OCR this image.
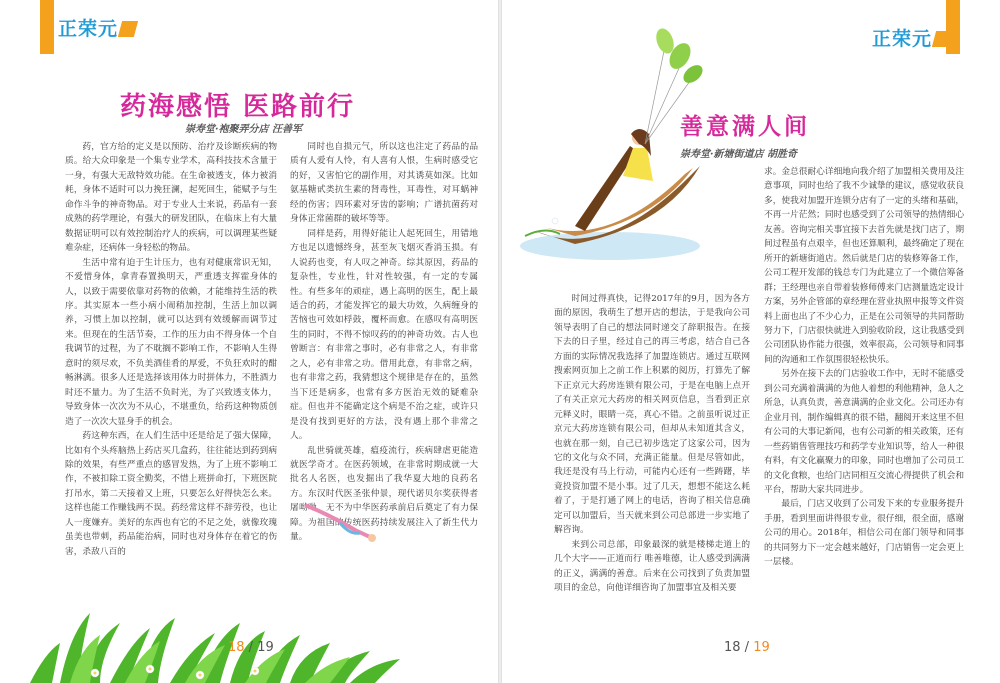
正荣元
药海感悟 医路前行
崇寿堂·袍聚弄分店 汪善军

药，官方给的定义是以预防、治疗及诊断疾病的物质。给大众印象是一个集专业学术，高科技技术含量于一身，有强大无敌特效功能。在生命被透支，体力被消耗，身体不适时可以力挽狂澜，起死回生，能赋予与生命作斗争的神奇物品。对于专业人士来说，药品有一套成熟的药学理论，有强大的研发团队，在临床上有大量数据证明可以有效控制治疗人的疾病，可以调理某些疑难杂症，还病体一身轻松的物品。

生活中常有迫于生计压力，也有对健康常识无知，不爱惜身体，拿青春置换明天，严重透支挥霍身体的人，以致于需要依靠对药物的依赖，才能维持生活的秩序。其实原本一些小病小闹稍加控制，生活上加以调养，习惯上加以控制，就可以达到有效缓解而调节过来。但现在的生活节奏，工作的压力由不得身体一个自我调节的过程，为了不耽搁不影响工作，不影响人生得意时的须尽欢，不负美酒佳肴的厚爱，不负狂欢时的酣畅淋漓。很多人还是选择该用体力时拼体力，不胜酒力时还不量力。为了生活不负时光，为了兴致透支体力，导致身体一次次为不从心，不堪重负，给药这种物质创造了一次次大显身手的机会。

药这种东西，在人们生活中还是给足了强大保障，比如有个头疼脑热上药店买几盒药，往往能达到药到病除的效果，有些严重点的感冒发热，为了上班不影响工作，不被扣除工资全勤奖，不惜上班拼命打，下班医院打吊水，第二天接着又上班，只要怎么好得快怎么来。这样也能工作赚钱两不误。药经常这样不辞劳役，也让人一度嫌弃。美好的东西也有它的不足之处，就像玫瑰虽美也带刺，药品能治病，同时也对身体存在着它的伤害，杀敌八百的

同时也自损元气，所以这也注定了药品的品质有人爱有人怜，有人喜有人恨，生病时感受它的好，又害怕它的副作用，对其诱莫如深。比如氨基糖甙类抗生素的肾毒性，耳毒性，对耳蜗神经的伤害；四环素对牙齿的影响；广谱抗菌药对身体正常菌群的破坏等等。

同样是药，用得好能让人起死回生，用错地方也足以遗憾终身，甚至灰飞烟灭香消玉损。有人说药也变，有人叹之神奇。综其原因，药品的复杂性，专业性，针对性较强，有一定的专属性。有些多年的顽症，遇上高明的医生，配上最适合的药，才能发挥它的最大功效，久病缠身的苦恼也可效如桴鼓，覆杯而愈。在感叹有高明医生的同时，不得不惊叹药的的神奇功效。古人也曾断言：有非常之事时，必有非常之人，有非常之人，必有非常之功。借用此意，有非常之病，也有非常之药，我猜想这个规律是存在的，虽然当下还是病多，也常有多方医治无效的疑难杂症。但也并不能确定这个病是不治之症，或许只是没有找到更好的方法，没有遇上那个非常之人。

乱世骑就英雄，瘟疫流行，疾病肆虐更能造就医学奇才。在医药领域，在非常时期成就一大批名人名医，也发掘出了我华夏大地的良药名方。东汉时代医圣张仲景，现代诺贝尔奖获得者屠呦呦，无不为中华医药承前启后奠定了有力保障。为祖国的传统医药持续发展注入了新生代力量。

18 / 19
正荣元
善意满人间
崇寿堂·新塘街道店 胡胜奇

时间过得真快，记得2017年的9月，因为各方面的原因，我萌生了想开店的想法，于是我向公司领导表明了自己的想法同时递交了辞职报告。在接下去的日子里，经过自己的再三考虑，结合自己各方面的实际情况我选择了加盟连锁店。通过互联网搜索网页加上之前工作上积累的阅历，打算先了解下正京元大药房连锁有限公司，于是在电脑上点开了有关正京元大药房的相关网页信息，当看到正京元释义时，眼睛一亮，真心不错。之前虽听说过正京元大药房连锁有限公司，但却从未知道其含义，也就在那一刻，自己已初步选定了这家公司，因为它的文化与众不同，充满正能量。但是尽管如此，我还是没有马上行动，可能内心还有一些踌躇，毕竟投资加盟不是小事。过了几天，想想不能这么耗着了，于是打通了网上的电话，咨询了相关信息确定可以加盟后，当天就来到公司总部进一步实地了解咨询。

来到公司总部，印象最深的就是楼梯走道上的几个大字——正道而行 唯善唯德，让人感受到满满的正义，满满的善意。后来在公司找到了负责加盟项目的金总，向他详细咨询了加盟事宜及相关要

求。金总很耐心详细地向我介绍了加盟相关费用及注意事项，同时也给了我不少诚挚的建议，感觉收获良多，使我对加盟开连锁分店有了一定的头绪和基础，不再一片茫然；同时也感受到了公司领导的热情细心友善。咨询完相关事宜接下去首先就是找门店了，期间过程虽有点艰辛，但也还算顺利，最终确定了现在所开的新塘街道店。然后就是门店的装修筹备工作，公司工程开发部的钱总专门为此建立了一个微信筹备群；王经理也亲自带着装修师傅来门店测量选定设计方案，另外企管部的章经理在营业执照申报等文件资料上面也出了不少心力，正是在公司领导的共同帮助努力下，门店很快就进入到验收阶段，这让我感受到公司团队协作能力很强，效率很高，公司领导和同事间的沟通和工作氛围很轻松快乐。

另外在接下去的门店验收工作中，无时不能感受到公司充满着满满的为他人着想的利他精神，急人之所急，认真负责，善意满满的企业文化。公司还办有企业月刊，制作编辑真的很不错，翻阅开来这里不但有公司的大事记新闻，也有公司新的相关政策，还有一些药销售管理技巧和药学专业知识等，给人一种很有料，有文化赢聚力的印象，同时也增加了公司员工的文化食粮，也给门店同相互交流心得提供了机会和平台，帮助大家共同进步。

最后，门店又收到了公司发下来的专业服务提升手册，看到里面讲得很专业，很仔细，很全面，感谢公司的用心。2018年，相信公司在部门领导和同事的共同努力下一定会越来越好，门店销售一定会更上一层楼。

18 / 19
